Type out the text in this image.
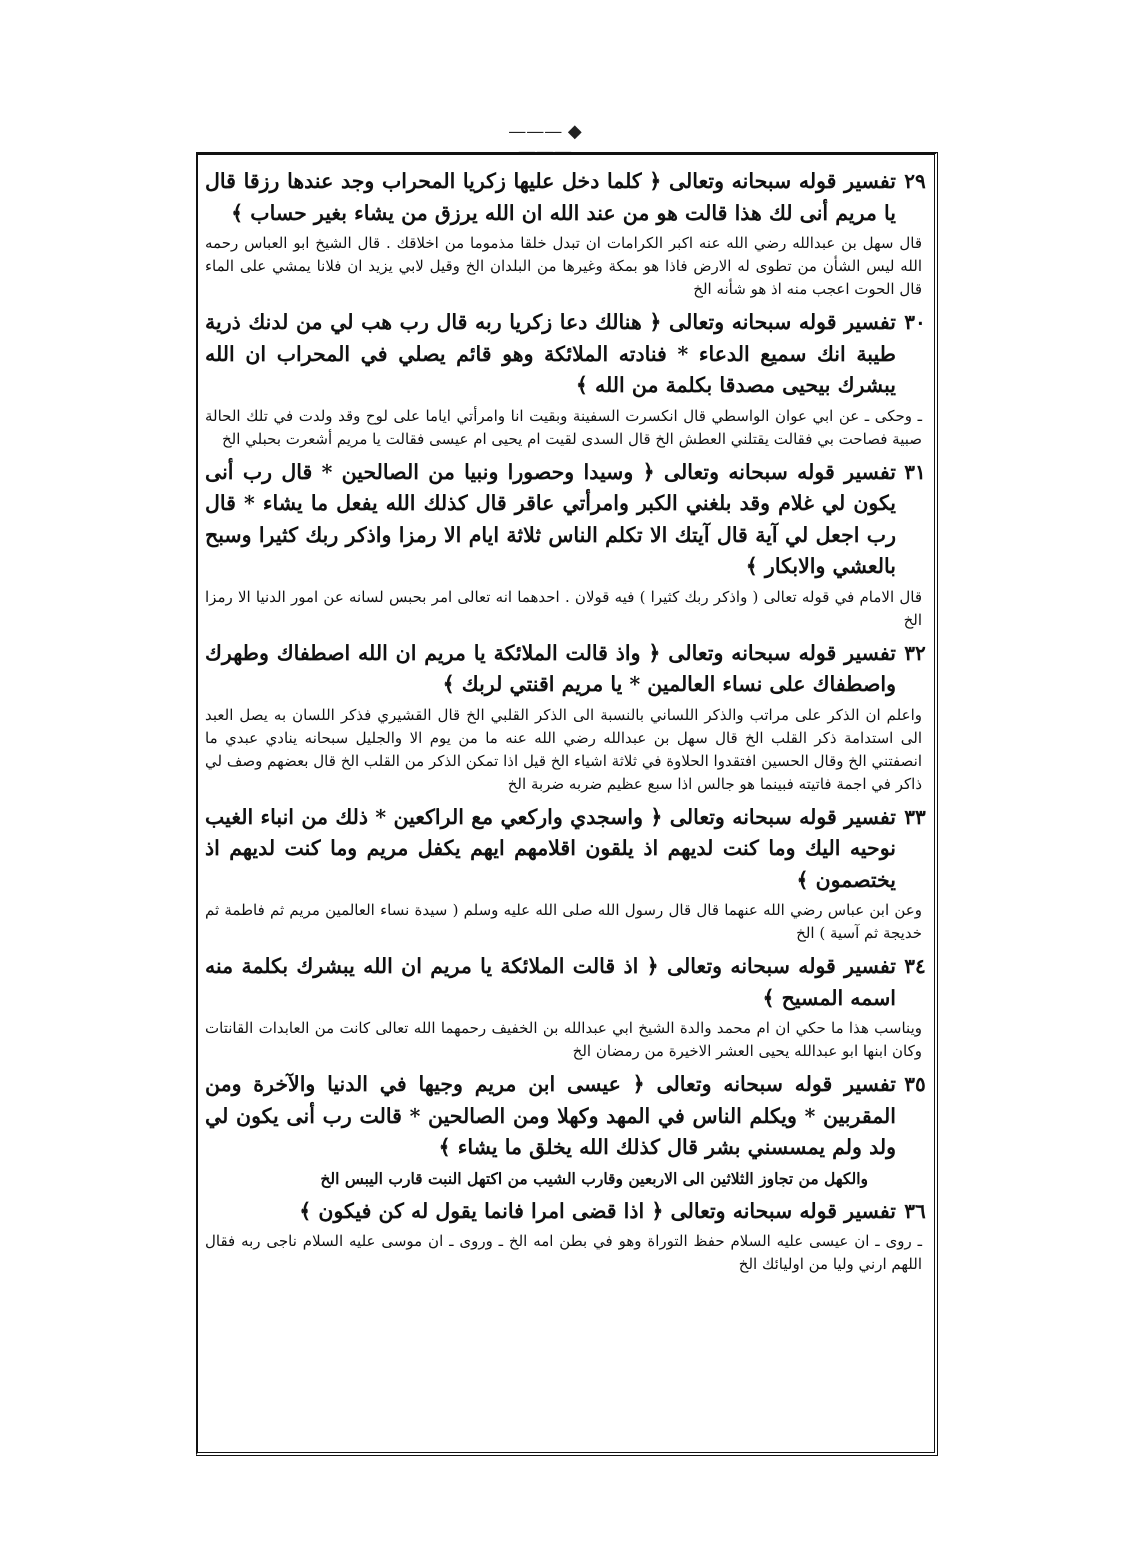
——— ◆ ———
٢٩
تفسير قوله سبحانه وتعالى ﴿ كلما دخل عليها زكريا المحراب وجد عندها رزقا قال يا مريم أنى لك هذا قالت هو من عند الله ان الله يرزق من يشاء بغير حساب ﴾
قال سهل بن عبدالله رضي الله عنه اكبر الكرامات ان تبدل خلقا مذموما من اخلاقك . قال الشيخ ابو العباس رحمه الله ليس الشأن من تطوى له الارض فاذا هو بمكة وغيرها من البلدان الخ وقيل لابي يزيد ان فلانا يمشي على الماء قال الحوت اعجب منه اذ هو شأنه الخ
٣٠
تفسير قوله سبحانه وتعالى ﴿ هنالك دعا زكريا ربه قال رب هب لي من لدنك ذرية طيبة انك سميع الدعاء * فنادته الملائكة وهو قائم يصلي في المحراب ان الله يبشرك بيحيى مصدقا بكلمة من الله ﴾
ـ وحكى ـ عن ابي عوان الواسطي قال انكسرت السفينة وبقيت انا وامرأتي اياما على لوح وقد ولدت في تلك الحالة صبية فصاحت بي فقالت يقتلني العطش الخ قال السدى لقيت ام يحيى ام عيسى فقالت يا مريم أشعرت بحبلي الخ
٣١
تفسير قوله سبحانه وتعالى ﴿ وسيدا وحصورا ونبيا من الصالحين * قال رب أنى يكون لي غلام وقد بلغني الكبر وامرأتي عاقر قال كذلك الله يفعل ما يشاء * قال رب اجعل لي آية قال آيتك الا تكلم الناس ثلاثة ايام الا رمزا واذكر ربك كثيرا وسبح بالعشي والابكار ﴾
قال الامام في قوله تعالى ( واذكر ربك كثيرا ) فيه قولان . احدهما انه تعالى امر بحبس لسانه عن امور الدنيا الا رمزا الخ
٣٢
تفسير قوله سبحانه وتعالى ﴿ واذ قالت الملائكة يا مريم ان الله اصطفاك وطهرك واصطفاك على نساء العالمين * يا مريم اقنتي لربك ﴾
واعلم ان الذكر على مراتب والذكر اللساني بالنسبة الى الذكر القلبي الخ قال القشيري فذكر اللسان به يصل العبد الى استدامة ذكر القلب الخ قال سهل بن عبدالله رضي الله عنه ما من يوم الا والجليل سبحانه ينادي عبدي ما انصفتني الخ وقال الحسين افتقدوا الحلاوة في ثلاثة اشياء الخ قيل اذا تمكن الذكر من القلب الخ قال بعضهم وصف لي ذاكر في اجمة فاتيته فبينما هو جالس اذا سبع عظيم ضربه ضربة الخ
٣٣
تفسير قوله سبحانه وتعالى ﴿ واسجدي واركعي مع الراكعين * ذلك من انباء الغيب نوحيه اليك وما كنت لديهم اذ يلقون اقلامهم ايهم يكفل مريم وما كنت لديهم اذ يختصمون ﴾
وعن ابن عباس رضي الله عنهما قال قال رسول الله صلى الله عليه وسلم ( سيدة نساء العالمين مريم ثم فاطمة ثم خديجة ثم آسية ) الخ
٣٤
تفسير قوله سبحانه وتعالى ﴿ اذ قالت الملائكة يا مريم ان الله يبشرك بكلمة منه اسمه المسيح ﴾
ويناسب هذا ما حكي ان ام محمد والدة الشيخ ابي عبدالله بن الخفيف رحمهما الله تعالى كانت من العابدات القانتات وكان ابنها ابو عبدالله يحيى العشر الاخيرة من رمضان الخ
٣٥
تفسير قوله سبحانه وتعالى ﴿ عيسى ابن مريم وجيها في الدنيا والآخرة ومن المقربين * ويكلم الناس في المهد وكهلا ومن الصالحين * قالت رب أنى يكون لي ولد ولم يمسسني بشر قال كذلك الله يخلق ما يشاء ﴾
والكهل من تجاوز الثلاثين الى الاربعين وقارب الشيب من اكتهل النبت قارب اليبس الخ
٣٦
تفسير قوله سبحانه وتعالى ﴿ اذا قضى امرا فانما يقول له كن فيكون ﴾
ـ روى ـ ان عيسى عليه السلام حفظ التوراة وهو في بطن امه الخ ـ وروى ـ ان موسى عليه السلام ناجى ربه فقال اللهم ارني وليا من اوليائك الخ
